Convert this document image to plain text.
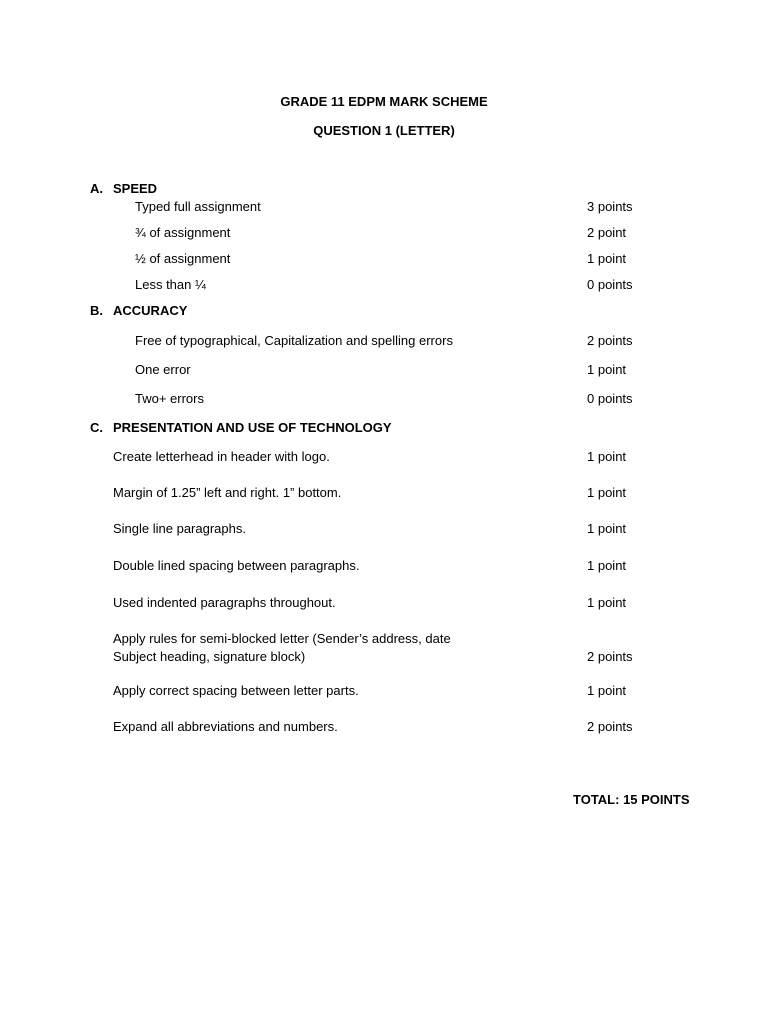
GRADE 11 EDPM MARK SCHEME
QUESTION 1 (LETTER)
A. SPEED
Typed full assignment	3 points
¾ of assignment	2 point
½ of assignment	1 point
Less than ¼	0 points
B. ACCURACY
Free of typographical, Capitalization and spelling errors	2 points
One error	1 point
Two+ errors	0 points
C. PRESENTATION AND USE OF TECHNOLOGY
Create letterhead in header with logo.	1 point
Margin of 1.25” left and right. 1” bottom.	1 point
Single line paragraphs.	1 point
Double lined spacing between paragraphs.	1 point
Used indented paragraphs throughout.	1 point
Apply rules for semi-blocked letter (Sender’s address, date
Subject heading, signature block)	2 points
Apply correct spacing between letter parts.	1 point
Expand all abbreviations and numbers.	2 points
TOTAL: 15 POINTS
